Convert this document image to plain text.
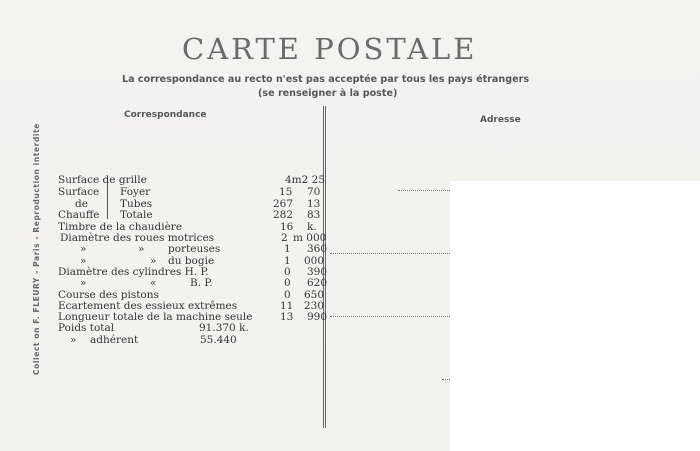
CARTE POSTALE
La correspondance au recto n'est pas acceptée par tous les pays étrangers
(se renseigner à la poste)
Correspondance	Adresse
Collect on F. FLEURY - Paris - Reproduction interdite Surface de grille	4m2 25
Surface Foyer	15 70
de	Tubes	267 13
Chauffe Totale	282 83
Timbre de la chaudière	16 k.
Diamètre des roues motrices	2 m 000
»	» porteuses	1 360
»	» du bogie	1 000
Diamètre des cylindres H. P.	0 390
»	«	B. P.	0 620
Course des pistons	0 650
Ecartement des essieux extrêmes	11 230
Longueur totale de la machine seule	13 990
Poids total	91.370 k.
» adhérent	55.440
